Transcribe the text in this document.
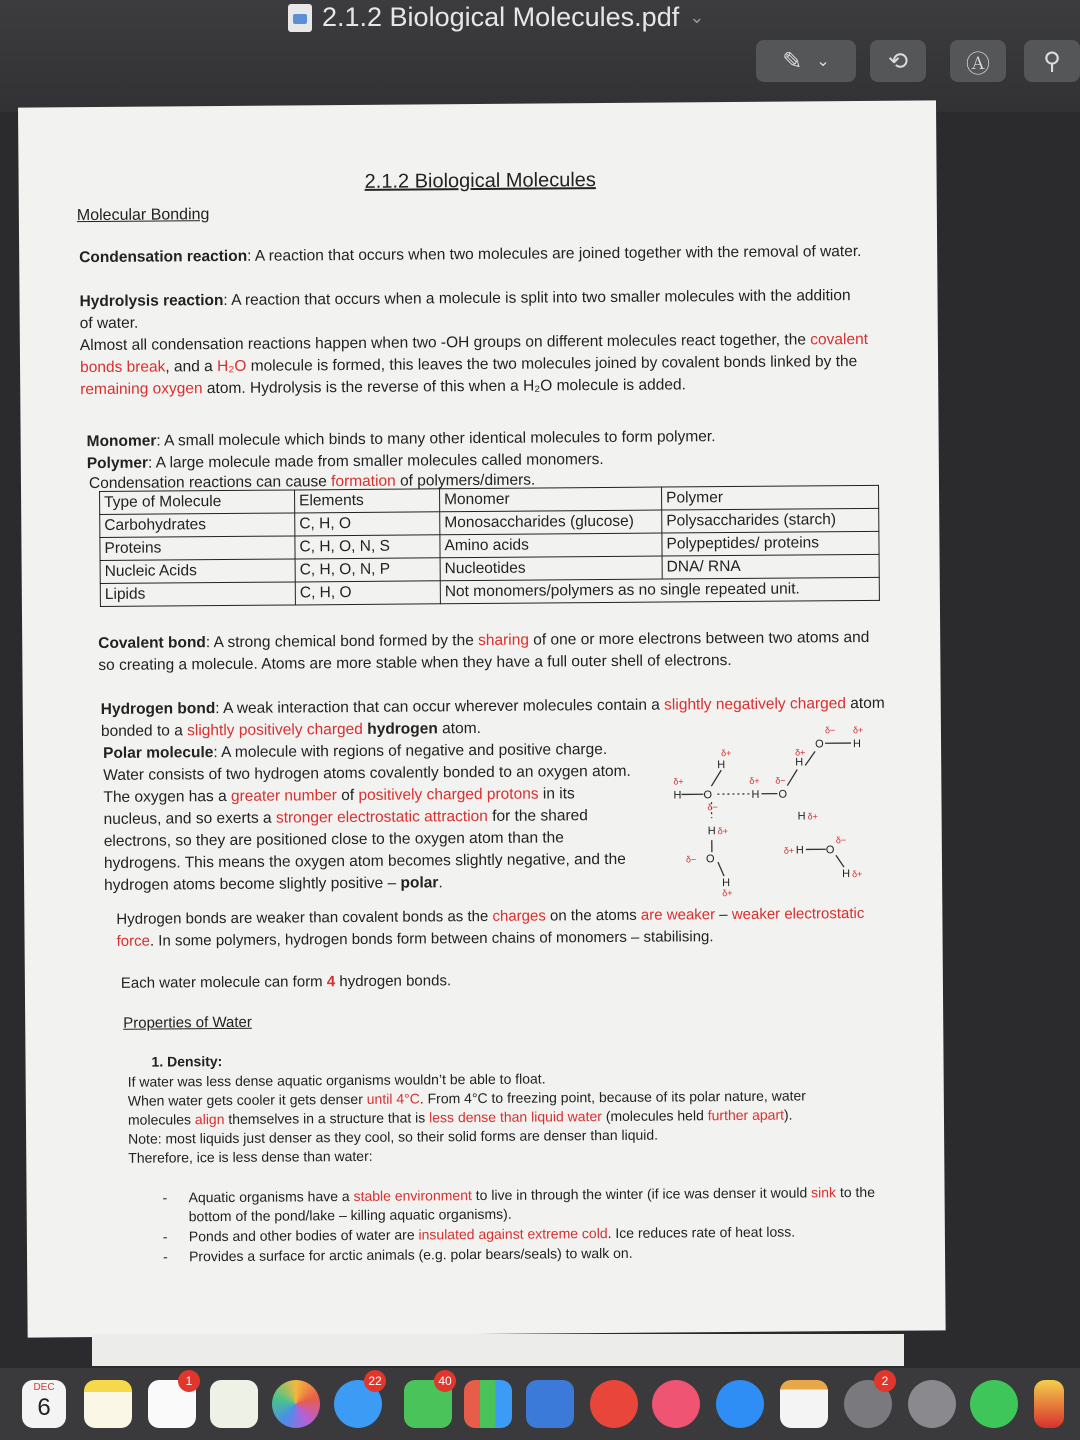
2.1.2 Biological Molecules.pdf ⌄
✎ ⌄ ⟲ Ⓐ ⚲
2.1.2 Biological Molecules
Molecular Bonding
Condensation reaction: A reaction that occurs when two molecules are joined together with the removal of water.
Hydrolysis reaction: A reaction that occurs when a molecule is split into two smaller molecules with the addition of water.
Almost all condensation reactions happen when two -OH groups on different molecules react together, the covalent bonds break, and a H₂O molecule is formed, this leaves the two molecules joined by covalent bonds linked by the remaining oxygen atom. Hydrolysis is the reverse of this when a H₂O molecule is added.
Monomer: A small molecule which binds to many other identical molecules to form polymer.
Polymer: A large molecule made from smaller molecules called monomers.
Condensation reactions can cause formation of polymers/dimers.
Type of Molecule	Elements	Monomer	Polymer
Carbohydrates	C, H, O	Monosaccharides (glucose)	Polysaccharides (starch)
Proteins	C, H, O, N, S	Amino acids	Polypeptides/ proteins
Nucleic Acids	C, H, O, N, P	Nucleotides	DNA/ RNA
Lipids	C, H, O	Not monomers/polymers as no single repeated unit.	
Covalent bond: A strong chemical bond formed by the sharing of one or more electrons between two atoms and so creating a molecule. Atoms are more stable when they have a full outer shell of electrons.
Hydrogen bond: A weak interaction that can occur wherever molecules contain a slightly negatively charged atom bonded to a slightly positively charged hydrogen atom.
Polar molecule: A molecule with regions of negative and positive charge. Water consists of two hydrogen atoms covalently bonded to an oxygen atom. The oxygen has a greater number of positively charged protons in its nucleus, and so exerts a stronger electrostatic attraction for the shared electrons, so they are positioned close to the oxygen atom than the hydrogens. This means the oxygen atom becomes slightly negative, and the hydrogen atoms become slightly positive – polar.
H O
H
H O
H
O
H
H
O	H
H O
H
H
δ+
δ+
δ−
δ+ δ−
δ+
δ−
δ+
δ+
δ− δ+
δ+
δ−
δ+
δ+
Hydrogen bonds are weaker than covalent bonds as the charges on the atoms are weaker – weaker electrostatic force. In some polymers, hydrogen bonds form between chains of monomers – stabilising.
Each water molecule can form 4 hydrogen bonds.
Properties of Water
1. Density:
If water was less dense aquatic organisms wouldn’t be able to float.
When water gets cooler it gets denser until 4°C. From 4°C to freezing point, because of its polar nature, water molecules align themselves in a structure that is less dense than liquid water (molecules held further apart).
Note: most liquids just denser as they cool, so their solid forms are denser than liquid.
Therefore, ice is less dense than water:
- Aquatic organisms have a stable environment to live in through the winter (if ice was denser it would sink to the bottom of the pond/lake – killing aquatic organisms).
- Ponds and other bodies of water are insulated against extreme cold. Ice reduces rate of heat loss.
- Provides a surface for arctic animals (e.g. polar bears/seals) to walk on.
DEC
6
1	22	40	2
